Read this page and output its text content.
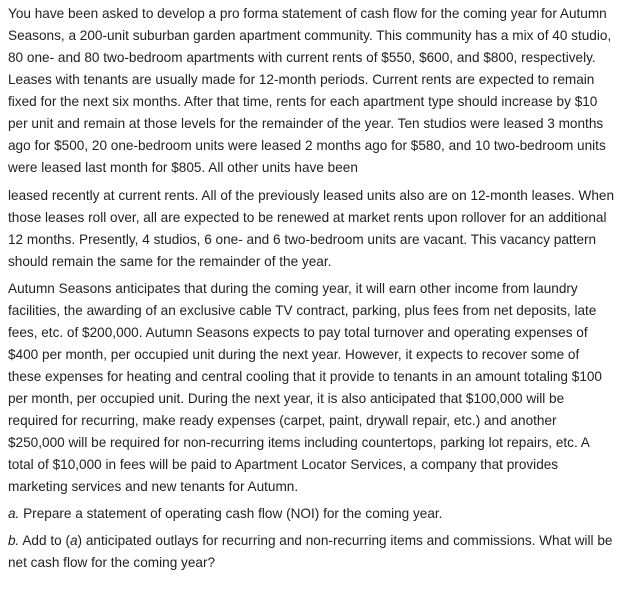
You have been asked to develop a pro forma statement of cash flow for the coming year for Autumn Seasons, a 200-unit suburban garden apartment community. This community has a mix of 40 studio, 80 one- and 80 two-bedroom apartments with current rents of $550, $600, and $800, respectively. Leases with tenants are usually made for 12-month periods. Current rents are expected to remain fixed for the next six months. After that time, rents for each apartment type should increase by $10 per unit and remain at those levels for the remainder of the year. Ten studios were leased 3 months ago for $500, 20 one-bedroom units were leased 2 months ago for $580, and 10 two-bedroom units were leased last month for $805. All other units have been

leased recently at current rents. All of the previously leased units also are on 12-month leases. When those leases roll over, all are expected to be renewed at market rents upon rollover for an additional 12 months. Presently, 4 studios, 6 one- and 6 two-bedroom units are vacant. This vacancy pattern should remain the same for the remainder of the year.

Autumn Seasons anticipates that during the coming year, it will earn other income from laundry facilities, the awarding of an exclusive cable TV contract, parking, plus fees from net deposits, late fees, etc. of $200,000. Autumn Seasons expects to pay total turnover and operating expenses of $400 per month, per occupied unit during the next year. However, it expects to recover some of these expenses for heating and central cooling that it provide to tenants in an amount totaling $100 per month, per occupied unit. During the next year, it is also anticipated that $100,000 will be required for recurring, make ready expenses (carpet, paint, drywall repair, etc.) and another $250,000 will be required for non-recurring items including countertops, parking lot repairs, etc. A total of $10,000 in fees will be paid to Apartment Locator Services, a company that provides marketing services and new tenants for Autumn.

a. Prepare a statement of operating cash flow (NOI) for the coming year.

b. Add to (a) anticipated outlays for recurring and non-recurring items and commissions. What will be net cash flow for the coming year?
